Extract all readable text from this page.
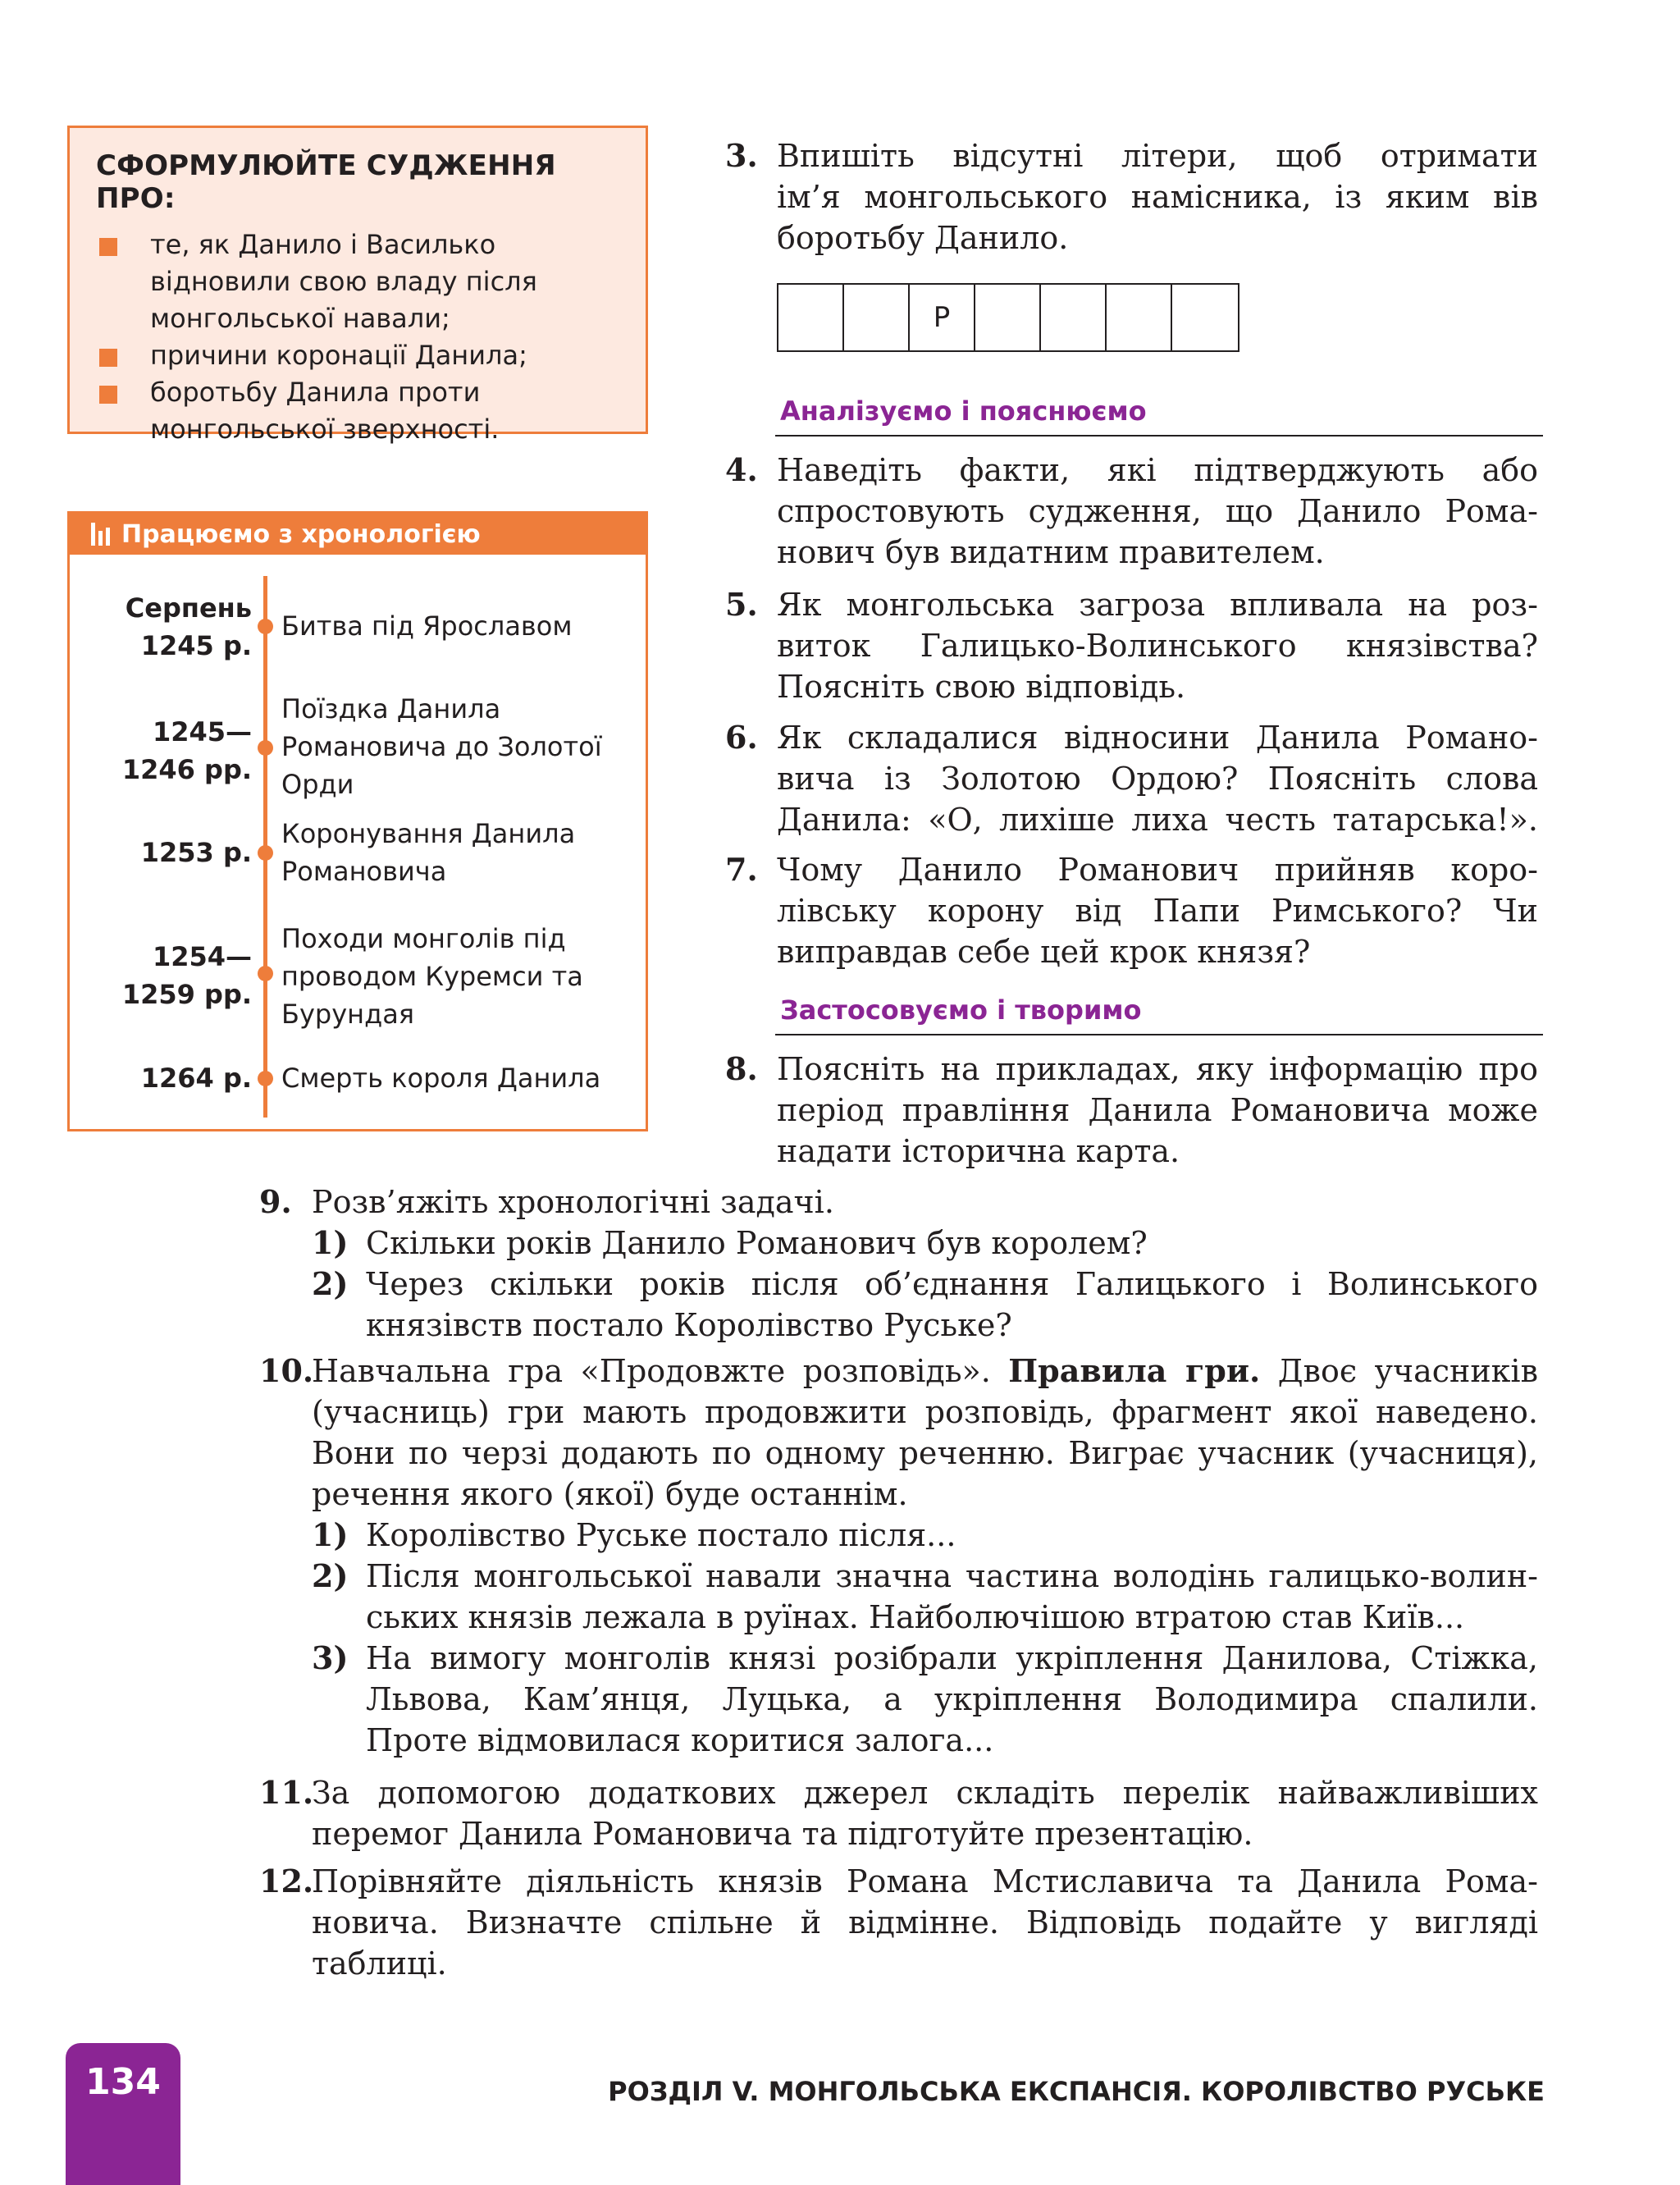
СФОРМУЛЮЙТЕ СУДЖЕННЯ ПРО:
те, як Данило і Василько
відновили свою владу після
монгольської навали;
причини коронації Данила;
боротьбу Данила проти
монгольської зверхності.
Працюємо з хронологією
Серпень
1245 р.
Битва під Ярославом
1245—
1246 рр.
Поїздка Данила
Романовича до Золотої
Орди
1253 р.
Коронування Данила
Романовича
1254—
1259 рр.
Походи монголів під
проводом Куремси та
Бурундая
1264 р. Смерть короля Данила
3. Впишіть відсутні літери, щоб отримати
ім’я монгольського намісника, із яким вів
боротьбу Данило.
Р
Аналізуємо і пояснюємо
4. Наведіть факти, які підтверджують або
спростовують судження, що Данило Рома-
нович був видатним правителем.
5. Як монгольська загроза впливала на роз-
виток Галицько-Волинського князівства?
Поясніть свою відповідь.
6. Як складалися відносини Данила Романо-
вича із Золотою Ордою? Поясніть слова
Данила: «О, лихіше лиха честь татарська!».
7. Чому Данило Романович прийняв коро-
лівську корону від Папи Римського? Чи
виправдав себе цей крок князя?
Застосовуємо і творимо
8. Поясніть на прикладах, яку інформацію про
період правління Данила Романовича може
надати історична карта.
9. Розв’яжіть хронологічні задачі.
1) Скільки років Данило Романович був королем?
2) Через скільки років після об’єднання Галицького і Волинського
князівств постало Королівство Руське?
10.
Навчальна гра «Продовжте розповідь». Правила гри. Двоє учасників
(учасниць) гри мають продовжити розповідь, фрагмент якої наведено.
Вони по черзі додають по одному реченню. Виграє учасник (учасниця),
речення якого (якої) буде останнім.
1) Королівство Руське постало після...
2) Після монгольської навали значна частина володінь галицько-волин-
ських князів лежала в руїнах. Найболючішою втратою став Київ...
3) На вимогу монголів князі розібрали укріплення Данилова, Стіжка,
Львова, Кам’янця, Луцька, а укріплення Володимира спалили.
Проте відмовилася коритися залога...
11.
За допомогою додаткових джерел складіть перелік найважливіших
перемог Данила Романовича та підготуйте презентацію.
12.
Порівняйте діяльність князів Романа Мстиславича та Данила Рома-
новича. Визначте спільне й відмінне. Відповідь подайте у вигляді
таблиці.
134	РОЗДІЛ V. МОНГОЛЬСЬКА ЕКСПАНСІЯ. КОРОЛІВСТВО РУСЬКЕ
